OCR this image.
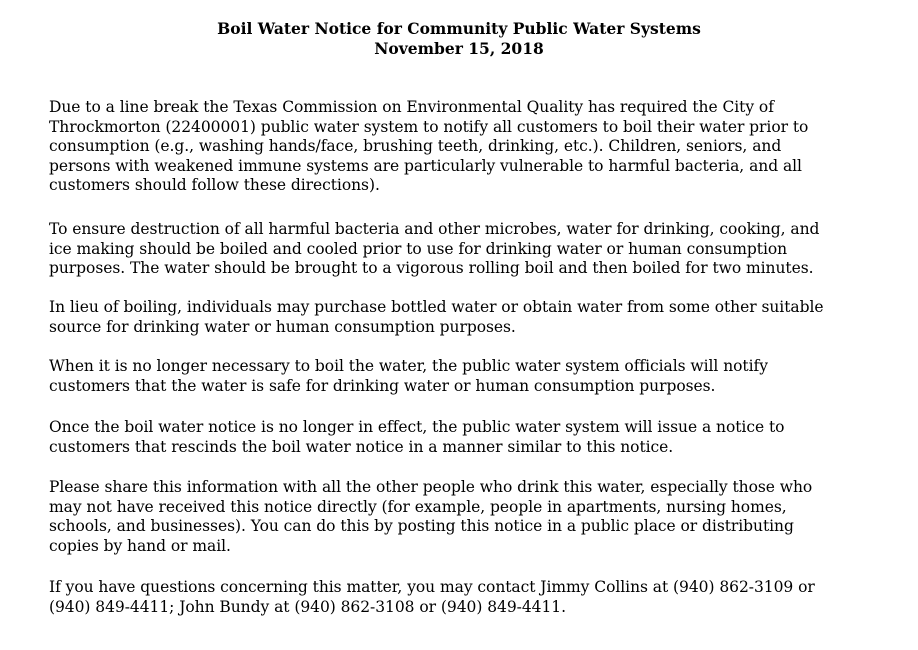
Boil Water Notice for Community Public Water Systems
November 15, 2018

Due to a line break the Texas Commission on Environmental Quality has required the City of
Throckmorton (22400001) public water system to notify all customers to boil their water prior to
consumption (e.g., washing hands/face, brushing teeth, drinking, etc.). Children, seniors, and
persons with weakened immune systems are particularly vulnerable to harmful bacteria, and all
customers should follow these directions).

To ensure destruction of all harmful bacteria and other microbes, water for drinking, cooking, and
ice making should be boiled and cooled prior to use for drinking water or human consumption
purposes. The water should be brought to a vigorous rolling boil and then boiled for two minutes.

In lieu of boiling, individuals may purchase bottled water or obtain water from some other suitable
source for drinking water or human consumption purposes.

When it is no longer necessary to boil the water, the public water system officials will notify
customers that the water is safe for drinking water or human consumption purposes.

Once the boil water notice is no longer in effect, the public water system will issue a notice to
customers that rescinds the boil water notice in a manner similar to this notice.

Please share this information with all the other people who drink this water, especially those who
may not have received this notice directly (for example, people in apartments, nursing homes,
schools, and businesses). You can do this by posting this notice in a public place or distributing
copies by hand or mail.

If you have questions concerning this matter, you may contact Jimmy Collins at (940) 862-3109 or
(940) 849-4411; John Bundy at (940) 862-3108 or (940) 849-4411.
